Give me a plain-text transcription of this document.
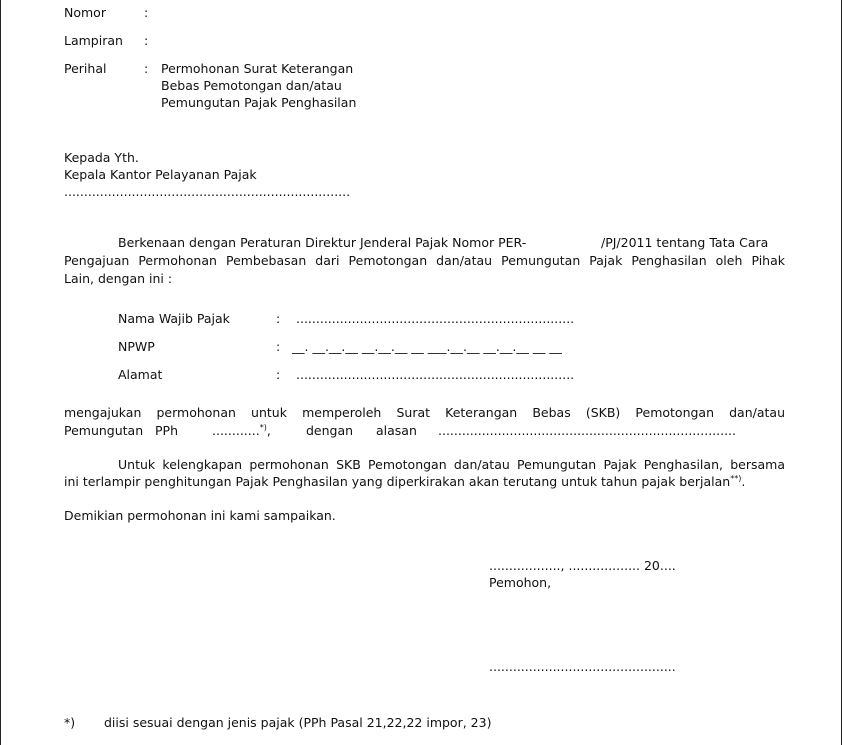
Nomor	:
Lampiran :
Perihal	: Permohonan Surat Keterangan
Bebas Pemotongan dan/atau
Pemungutan Pajak Penghasilan
Kepada Yth.
Kepala Kantor Pelayanan Pajak
........................................................................
Berkenaan dengan Peraturan Direktur Jenderal Pajak Nomor PER-	/PJ/2011 tentang Tata Cara
Pengajuan Permohonan Pembebasan dari Pemotongan dan/atau Pemungutan Pajak Penghasilan oleh Pihak
Lain, dengan ini :
Nama Wajib Pajak	: ......................................................................
NPWP	: __. __.__.__ __.__.__ __ ___.__.__ __.__.__ __ __
Alamat	: ......................................................................
mengajukan permohonan untuk memperoleh Surat Keterangan Bebas (SKB) Pemotongan dan/atau
Pemungutan PPh	............*),	dengan alasan ...........................................................................
Untuk kelengkapan permohonan SKB Pemotongan dan/atau Pemungutan Pajak Penghasilan, bersama
ini terlampir penghitungan Pajak Penghasilan yang diperkirakan akan terutang untuk tahun pajak berjalan**).
Demikian permohonan ini kami sampaikan.
.................., .................. 20....
Pemohon,
...............................................
*) diisi sesuai dengan jenis pajak (PPh Pasal 21,22,22 impor, 23)
